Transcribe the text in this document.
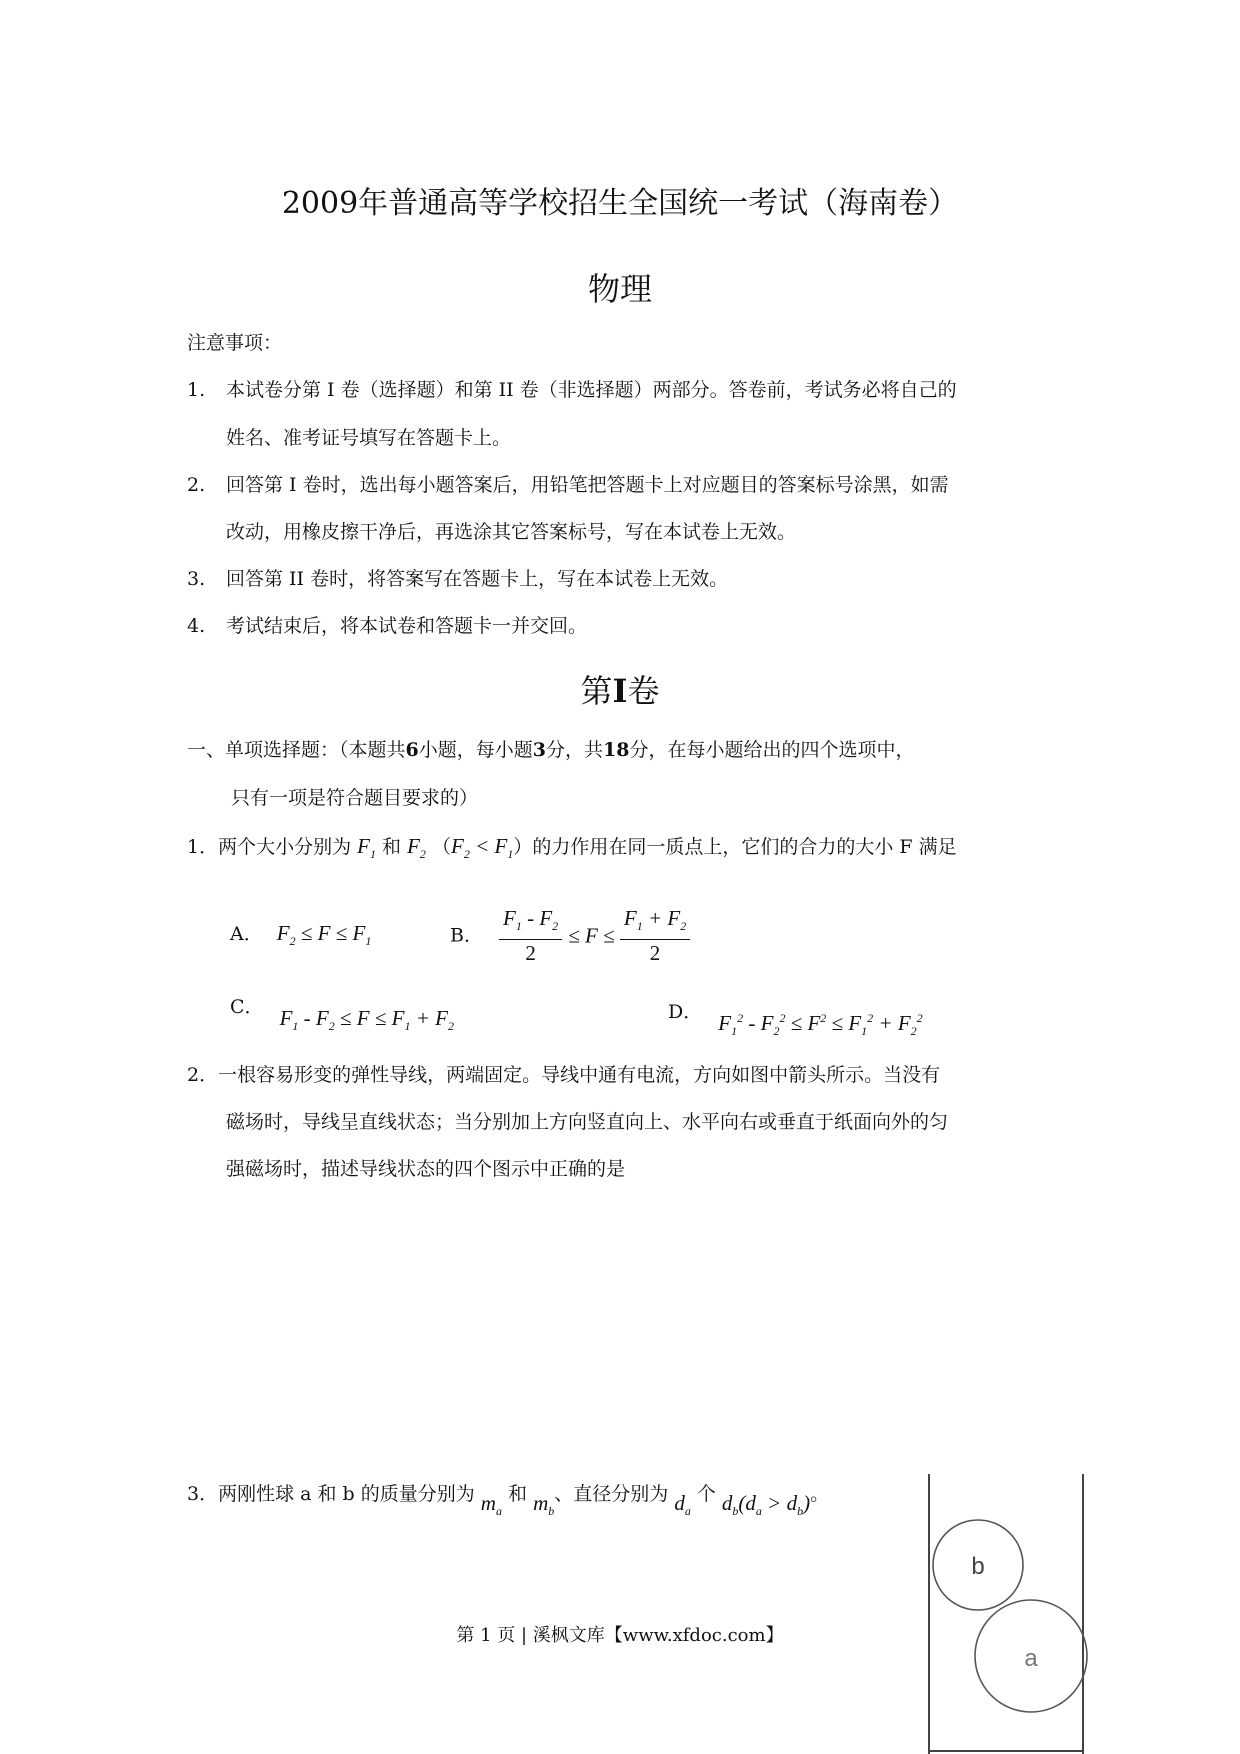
2009年普通高等学校招生全国统一考试（海南卷）
物理
注意事项：
1. 本试卷分第 I 卷（选择题）和第 II 卷（非选择题）两部分。答卷前，考试务必将自己的
姓名、准考证号填写在答题卡上。
2. 回答第 I 卷时，选出每小题答案后，用铅笔把答题卡上对应题目的答案标号涂黑，如需
改动，用橡皮擦干净后，再选涂其它答案标号，写在本试卷上无效。
3. 回答第 II 卷时，将答案写在答题卡上，写在本试卷上无效。
4. 考试结束后，将本试卷和答题卡一并交回。
第I卷
一、单项选择题：（本题共6小题，每小题3分，共18分，在每小题给出的四个选项中，
只有一项是符合题目要求的）
1．两个大小分别为 $F_1$ 和 $F_2$ $(F_2 < F_1)$的力作用在同一质点上，它们的合力的大小 F 满足
A． $F_2 \le F \le F_1$	B． $\frac{F_1 - F_2}{2} \le F \le \frac{F_1 + F_2}{2}$
C． $F_1 - F_2 \le F \le F_1 + F_2$
D． $F_1^2 - F_2^2 \le F^2 \le F_1^2 + F_2^2$
2．一根容易形变的弹性导线，两端固定。导线中通有电流，方向如图中箭头所示。当没有
磁场时，导线呈直线状态；当分别加上方向竖直向上、水平向右或垂直于纸面向外的匀
强磁场时，描述导线状态的四个图示中正确的是
3．两刚性球 a 和 b 的质量分别为 $m_a$ 和 $m_b$、直径分别为 $d_a$ 个 $d_b(d_a > d_b)$。
b
a
第 1 页 | 溪枫文库【www.xfdoc.com】
